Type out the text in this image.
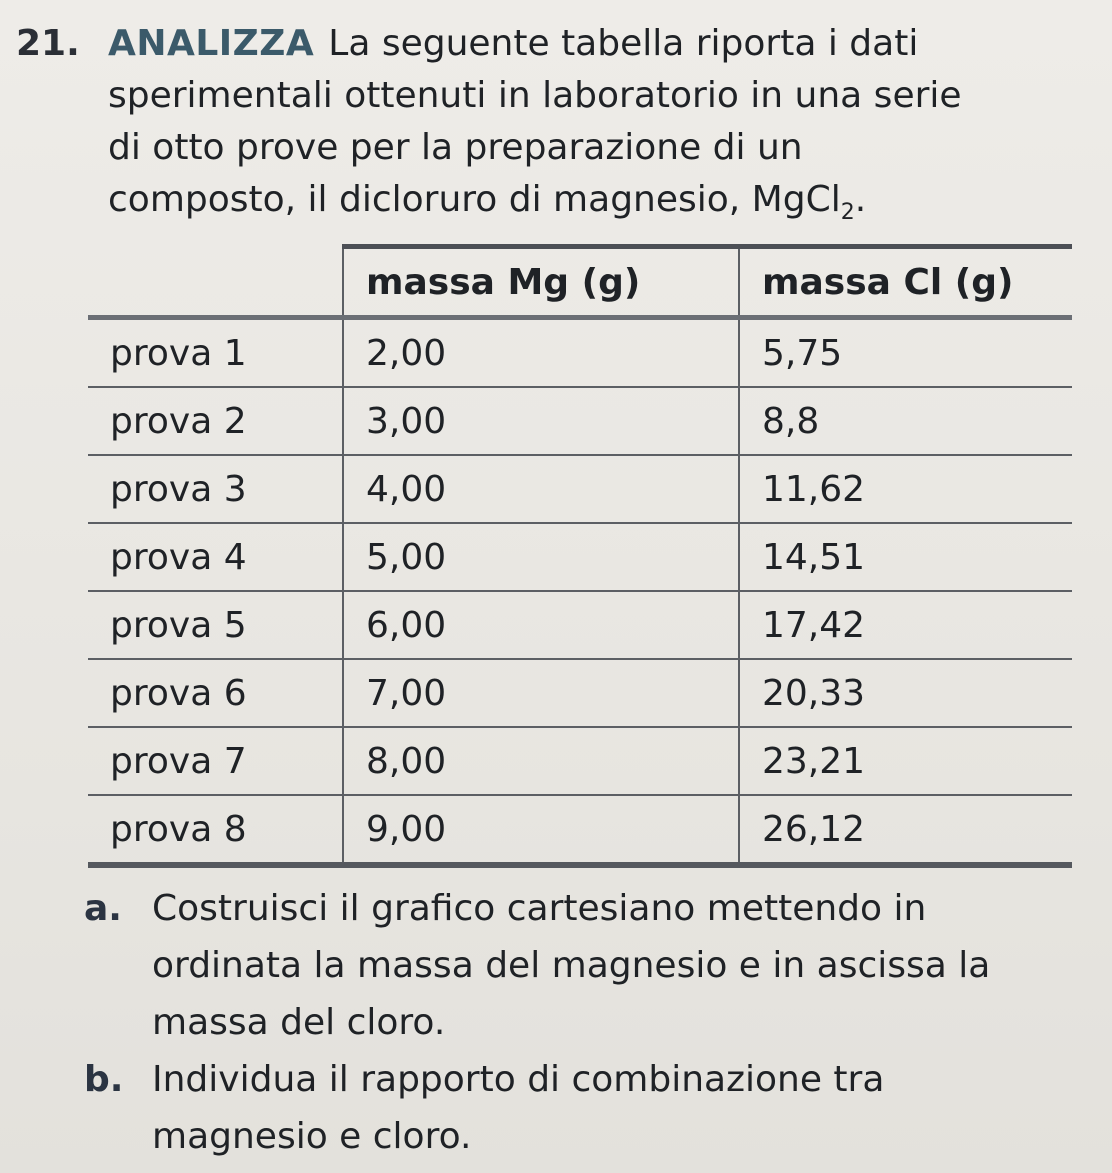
21. ANALIZZA La seguente tabella riporta i dati
sperimentali ottenuti in laboratorio in una serie
di otto prove per la preparazione di un
composto, il dicloruro di magnesio, MgCl$_2$.
	massa Mg (g)	massa Cl (g)
prova 1	2,00	5,75
prova 2	3,00	8,8
prova 3	4,00	11,62
prova 4	5,00	14,51
prova 5	6,00	17,42
prova 6	7,00	20,33
prova 7	8,00	23,21
prova 8	9,00	26,12
a. Costruisci il grafico cartesiano mettendo in ordinata la massa del magnesio e in ascissa la massa del cloro.
b. Individua il rapporto di combinazione tra magnesio e cloro.
